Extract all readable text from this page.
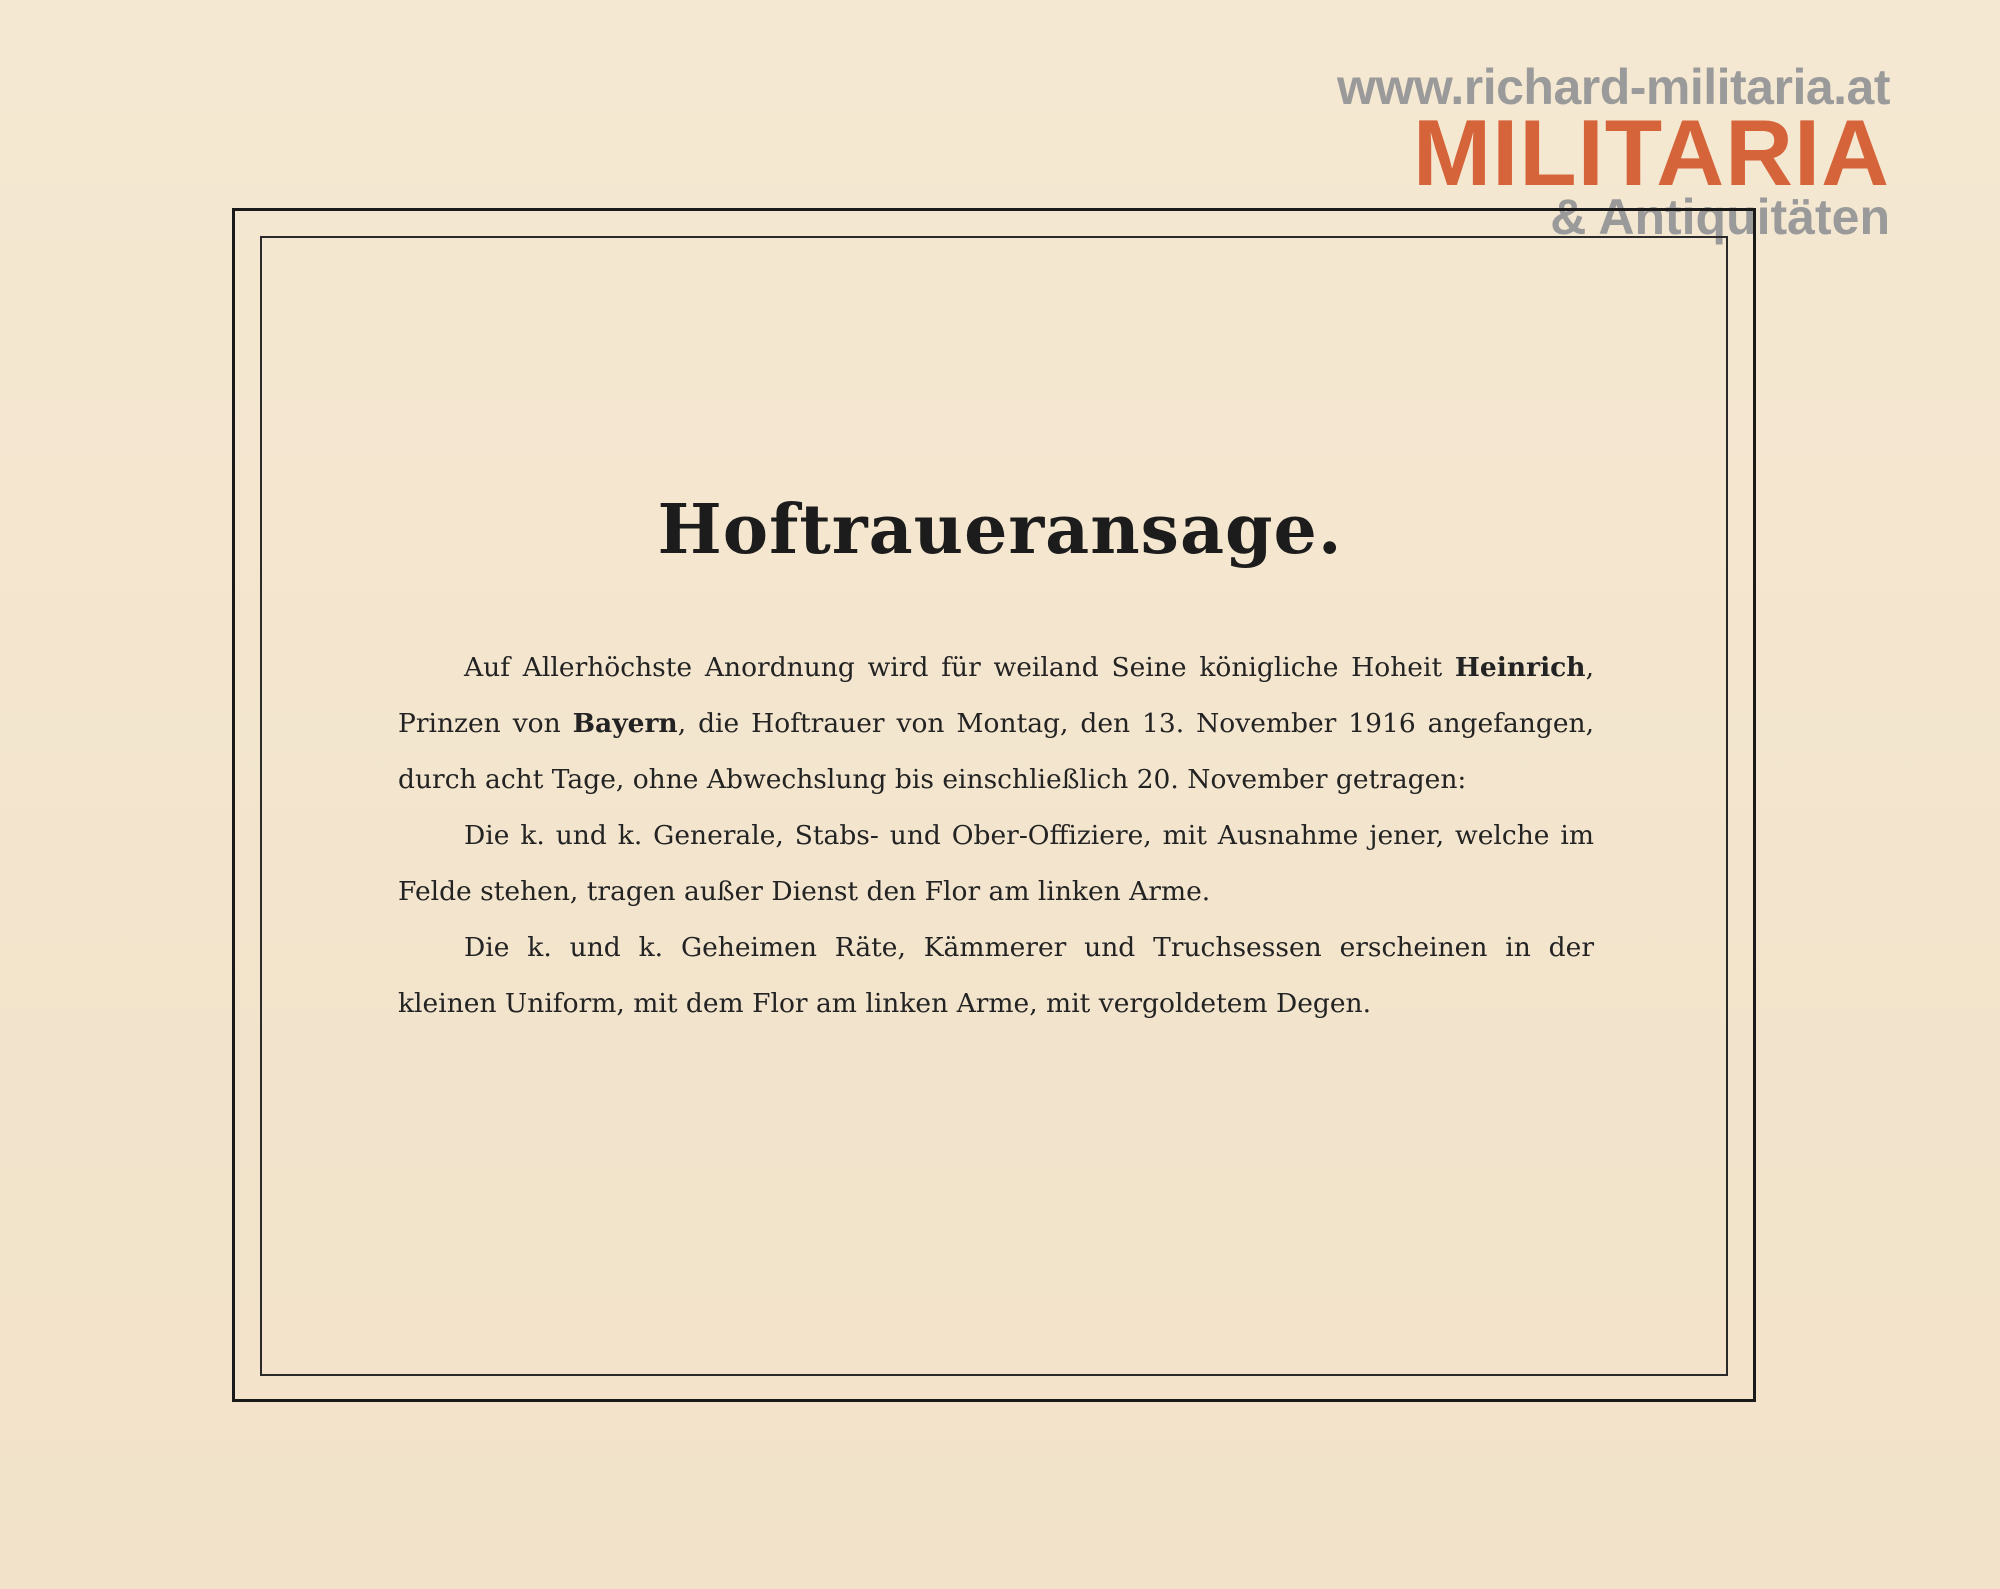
www.richard-militaria.at
MILITARIA
& Antiquitäten
Hoftraueransage.

Auf Allerhöchste Anordnung wird für weiland Seine königliche Hoheit Heinrich, Prinzen von Bayern, die Hoftrauer von Montag, den 13. November 1916 angefangen, durch acht Tage, ohne Abwechslung bis einschließlich 20. November getragen:

Die k. und k. Generale, Stabs- und Ober-Offiziere, mit Ausnahme jener, welche im Felde stehen, tragen außer Dienst den Flor am linken Arme.

Die k. und k. Geheimen Räte, Kämmerer und Truchsessen erscheinen in der kleinen Uniform, mit dem Flor am linken Arme, mit vergoldetem Degen.
